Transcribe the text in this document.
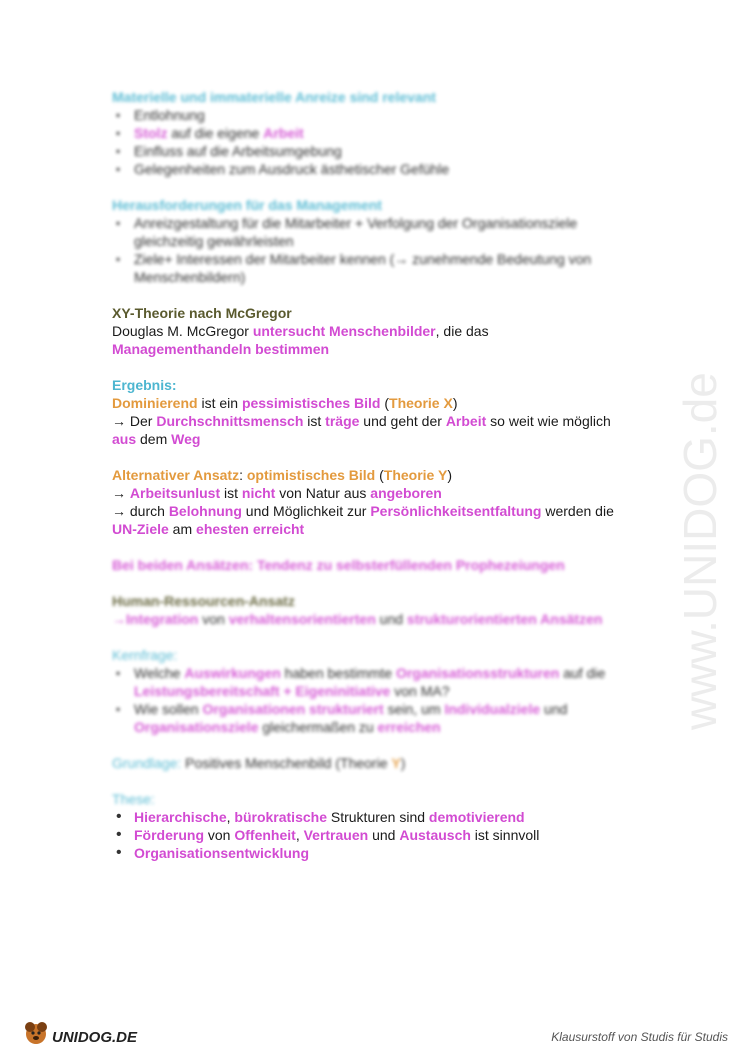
Materielle und immaterielle Anreize sind relevant

▪ Entlohnung
▪ Stolz auf die eigene Arbeit
▪ Einfluss auf die Arbeitsumgebung
▪ Gelegenheiten zum Ausdruck ästhetischer Gefühle

Herausforderungen für das Management

▪ Anreizgestaltung für die Mitarbeiter + Verfolgung der Organisationsziele
gleichzeitig gewährleisten
▪ Ziele+ Interessen der Mitarbeiter kennen (→ zunehmende Bedeutung von
Menschenbildern)

XY-Theorie nach McGregor

Douglas M. McGregor untersucht Menschenbilder, die das
Managementhandeln bestimmen

Ergebnis:

Dominierend ist ein pessimistisches Bild (Theorie X)
→ Der Durchschnittsmensch ist träge und geht der Arbeit so weit wie möglich
aus dem Weg

Alternativer Ansatz: optimistisches Bild (Theorie Y)
→ Arbeitsunlust ist nicht von Natur aus angeboren
→ durch Belohnung und Möglichkeit zur Persönlichkeitsentfaltung werden die
UN-Ziele am ehesten erreicht

Bei beiden Ansätzen: Tendenz zu selbsterfüllenden Prophezeiungen

Human-Ressourcen-Ansatz

→Integration von verhaltensorientierten und strukturorientierten Ansätzen

Kernfrage:

▪ Welche Auswirkungen haben bestimmte Organisationsstrukturen auf die
Leistungsbereitschaft + Eigeninitiative von MA?
▪ Wie sollen Organisationen strukturiert sein, um Individualziele und
Organisationsziele gleichermaßen zu erreichen

Grundlage: Positives Menschenbild (Theorie Y)

These:

• Hierarchische, bürokratische Strukturen sind demotivierend
• Förderung von Offenheit, Vertrauen und Austausch ist sinnvoll
• Organisationsentwicklung
www.UNIDOG.de
UNIDOG.DE	Klausurstoff von Studis für Studis
